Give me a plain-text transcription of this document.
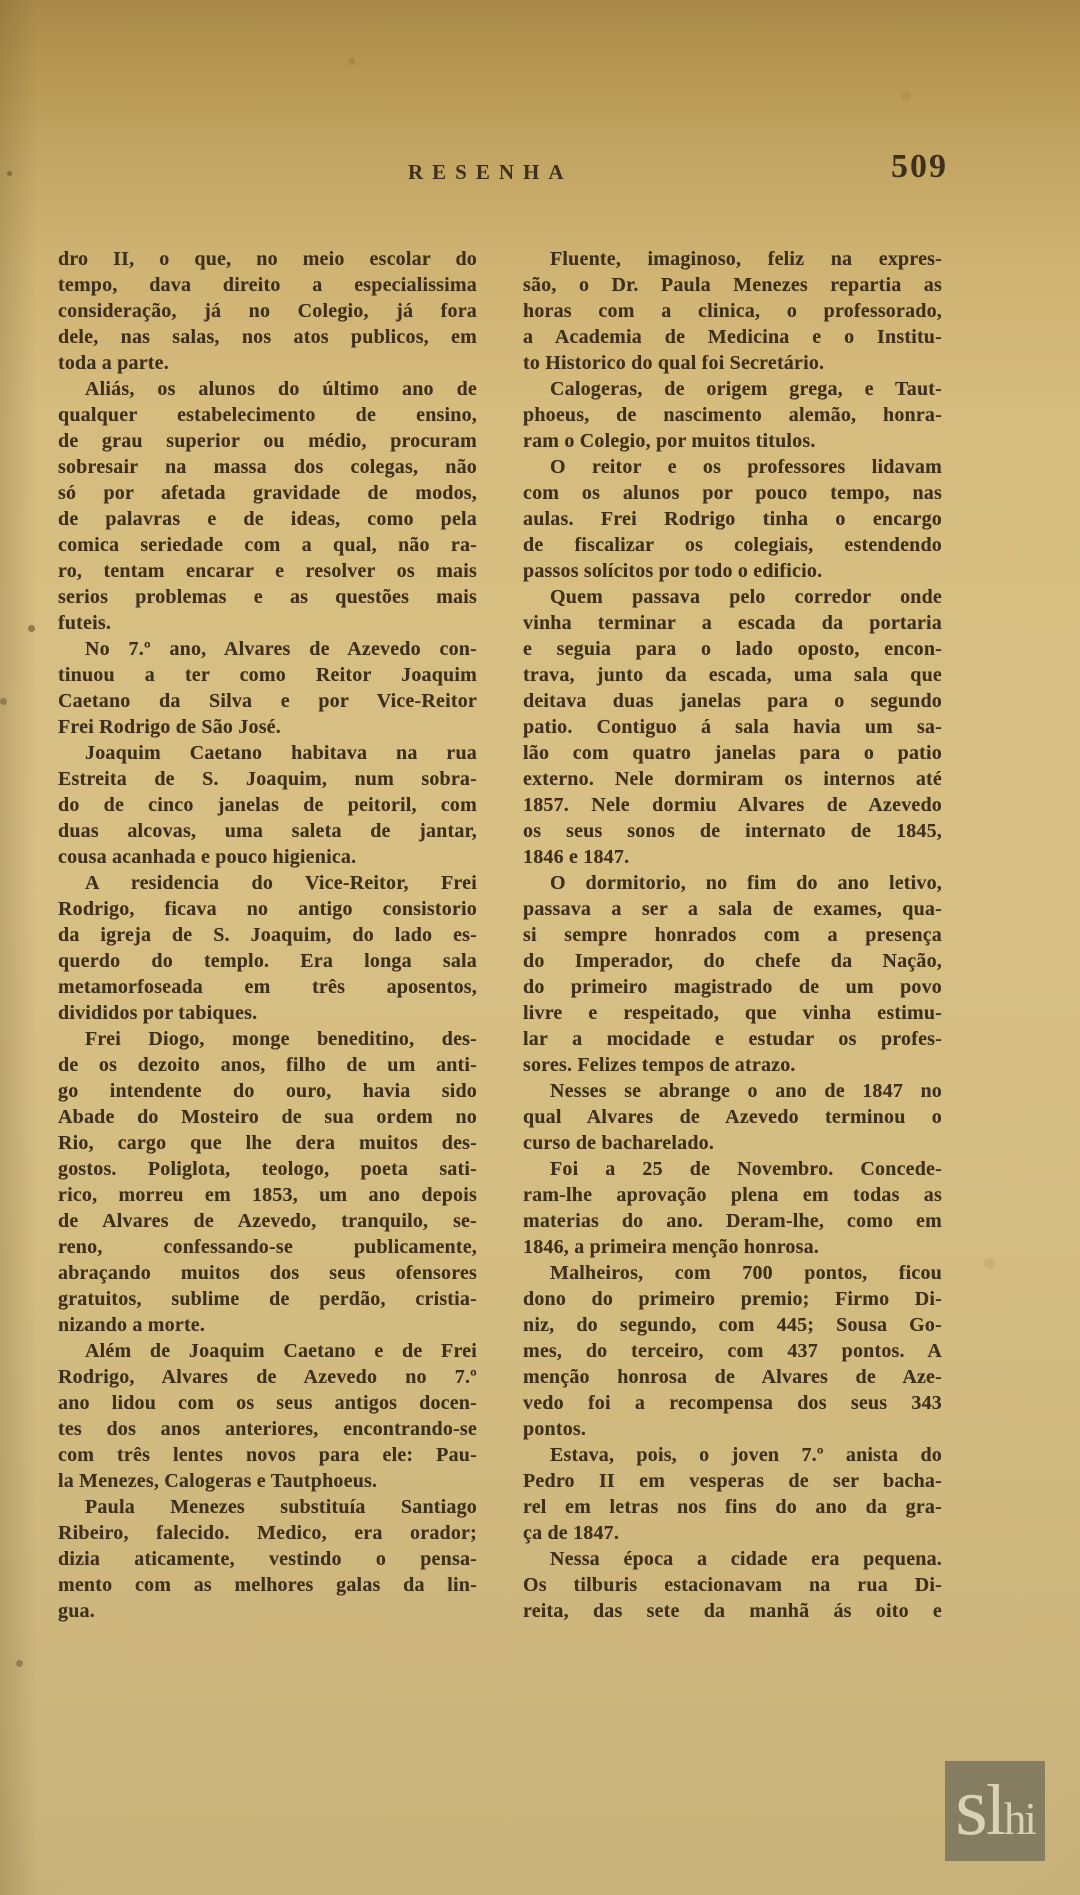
RESENHA	509
dro II, o que, no meio escolar do
tempo, dava direito a especialissima
consideração, já no Colegio, já fora
dele, nas salas, nos atos publicos, em
toda a parte.
Aliás, os alunos do último ano de
qualquer estabelecimento de ensino,
de grau superior ou médio, procuram
sobresair na massa dos colegas, não
só por afetada gravidade de modos,
de palavras e de ideas, como pela
comica seriedade com a qual, não ra-
ro, tentam encarar e resolver os mais
serios problemas e as questões mais
futeis.
No 7.º ano, Alvares de Azevedo con-
tinuou a ter como Reitor Joaquim
Caetano da Silva e por Vice-Reitor
Frei Rodrigo de São José.
Joaquim Caetano habitava na rua
Estreita de S. Joaquim, num sobra-
do de cinco janelas de peitoril, com
duas alcovas, uma saleta de jantar,
cousa acanhada e pouco higienica.
A residencia do Vice-Reitor, Frei
Rodrigo, ficava no antigo consistorio
da igreja de S. Joaquim, do lado es-
querdo do templo. Era longa sala
metamorfoseada em três aposentos,
divididos por tabiques.
Frei Diogo, monge beneditino, des-
de os dezoito anos, filho de um anti-
go intendente do ouro, havia sido
Abade do Mosteiro de sua ordem no
Rio, cargo que lhe dera muitos des-
gostos. Poliglota, teologo, poeta sati-
rico, morreu em 1853, um ano depois
de Alvares de Azevedo, tranquilo, se-
reno, confessando-se publicamente,
abraçando muitos dos seus ofensores
gratuitos, sublime de perdão, cristia-
nizando a morte.
Além de Joaquim Caetano e de Frei
Rodrigo, Alvares de Azevedo no 7.º
ano lidou com os seus antigos docen-
tes dos anos anteriores, encontrando-se
com três lentes novos para ele: Pau-
la Menezes, Calogeras e Tautphoeus.
Paula Menezes substituía Santiago
Ribeiro, falecido. Medico, era orador;
dizia aticamente, vestindo o pensa-
mento com as melhores galas da lin-
gua.
Fluente, imaginoso, feliz na expres-
são, o Dr. Paula Menezes repartia as
horas com a clinica, o professorado,
a Academia de Medicina e o Institu-
to Historico do qual foi Secretário.
Calogeras, de origem grega, e Taut-
phoeus, de nascimento alemão, honra-
ram o Colegio, por muitos titulos.
O reitor e os professores lidavam
com os alunos por pouco tempo, nas
aulas. Frei Rodrigo tinha o encargo
de fiscalizar os colegiais, estendendo
passos solícitos por todo o edificio.
Quem passava pelo corredor onde
vinha terminar a escada da portaria
e seguia para o lado oposto, encon-
trava, junto da escada, uma sala que
deitava duas janelas para o segundo
patio. Contiguo á sala havia um sa-
lão com quatro janelas para o patio
externo. Nele dormiram os internos até
1857. Nele dormiu Alvares de Azevedo
os seus sonos de internato de 1845,
1846 e 1847.
O dormitorio, no fim do ano letivo,
passava a ser a sala de exames, qua-
si sempre honrados com a presença
do Imperador, do chefe da Nação,
do primeiro magistrado de um povo
livre e respeitado, que vinha estimu-
lar a mocidade e estudar os profes-
sores. Felizes tempos de atrazo.
Nesses se abrange o ano de 1847 no
qual Alvares de Azevedo terminou o
curso de bacharelado.
Foi a 25 de Novembro. Concede-
ram-lhe aprovação plena em todas as
materias do ano. Deram-lhe, como em
1846, a primeira menção honrosa.
Malheiros, com 700 pontos, ficou
dono do primeiro premio; Firmo Di-
niz, do segundo, com 445; Sousa Go-
mes, do terceiro, com 437 pontos. A
menção honrosa de Alvares de Aze-
vedo foi a recompensa dos seus 343
pontos.
Estava, pois, o joven 7.º anista do
Pedro II em vesperas de ser bacha-
rel em letras nos fins do ano da gra-
ça de 1847.
Nessa época a cidade era pequena.
Os tilburis estacionavam na rua Di-
reita, das sete da manhã ás oito e
slhi
